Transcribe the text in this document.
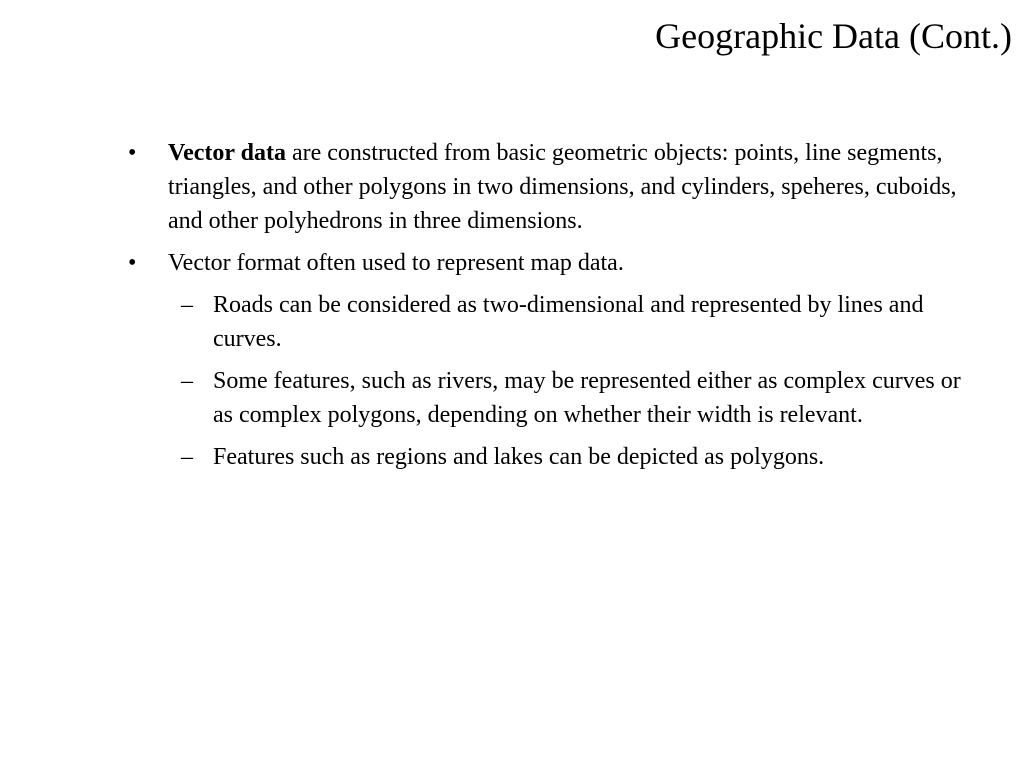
Geographic Data (Cont.)
•	Vector data are constructed from basic geometric objects: points, line segments, triangles, and other polygons in two dimensions, and cylinders, speheres, cuboids, and other polyhedrons in three dimensions.
•	Vector format often used to represent map data.
– Roads can be considered as two-dimensional and represented by lines and curves.
– Some features, such as rivers, may be represented either as complex curves or as complex polygons, depending on whether their width is relevant.
– Features such as regions and lakes can be depicted as polygons.
